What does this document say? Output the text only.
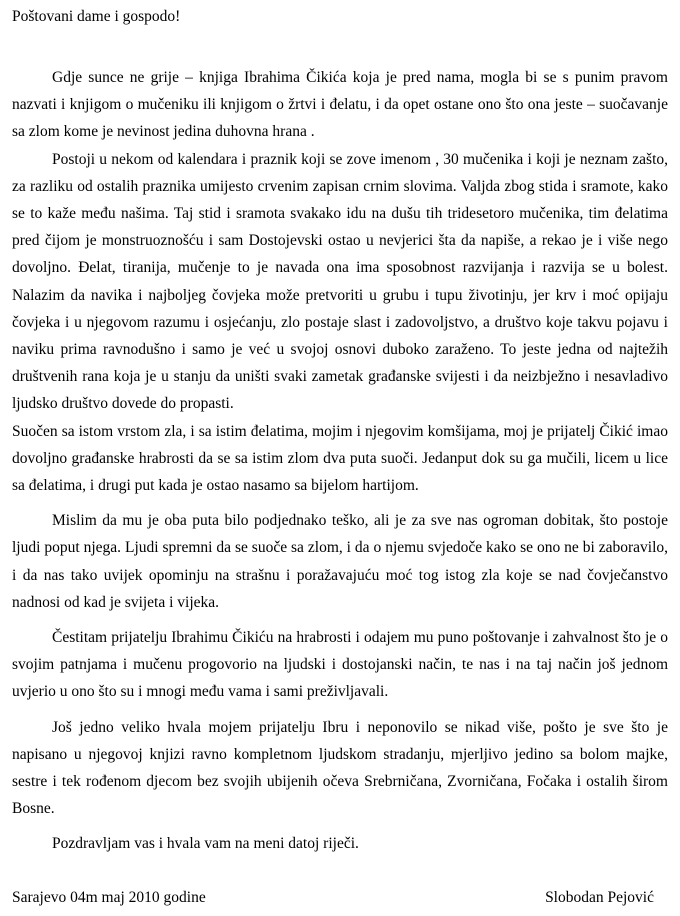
Poštovani dame i gospodo!

Gdje sunce ne grije – knjiga Ibrahima Čikića koja je pred nama, mogla bi se s punim pravom nazvati i knjigom o mučeniku ili knjigom o žrtvi i đelatu, i da opet ostane ono što ona jeste – suočavanje sa zlom kome je nevinost jedina duhovna hrana .

Postoji u nekom od kalendara i praznik koji se zove imenom , 30 mučenika i koji je neznam zašto, za razliku od ostalih praznika umijesto crvenim zapisan crnim slovima. Valjda zbog stida i sramote, kako se to kaže među našima. Taj stid i sramota svakako idu na dušu tih tridesetoro mučenika, tim đelatima pred čijom je monstruoznošću i sam Dostojevski ostao u nevjerici šta da napiše, a rekao je i više nego dovoljno. Đelat, tiranija, mučenje to je navada ona ima sposobnost razvijanja i razvija se u bolest. Nalazim da navika i najboljeg čovjeka može pretvoriti u grubu i tupu životinju, jer krv i moć opijaju čovjeka i u njegovom razumu i osjećanju, zlo postaje slast i zadovoljstvo, a društvo koje takvu pojavu i naviku prima ravnodušno i samo je već u svojoj osnovi duboko zaraženo. To jeste jedna od najtežih društvenih rana koja je u stanju da uništi svaki zametak građanske svijesti i da neizbježno i nesavladivo ljudsko društvo dovede do propasti.

Suočen sa istom vrstom zla, i sa istim đelatima, mojim i njegovim komšijama, moj je prijatelj Čikić imao dovoljno građanske hrabrosti da se sa istim zlom dva puta suoči. Jedanput dok su ga mučili, licem u lice sa đelatima, i drugi put kada je ostao nasamo sa bijelom hartijom.

Mislim da mu je oba puta bilo podjednako teško, ali je za sve nas ogroman dobitak, što postoje ljudi poput njega. Ljudi spremni da se suoče sa zlom, i da o njemu svjedoče kako se ono ne bi zaboravilo, i da nas tako uvijek opominju na strašnu i poražavajuću moć tog istog zla koje se nad čovječanstvo nadnosi od kad je svijeta i vijeka.

Čestitam prijatelju Ibrahimu Čikiću na hrabrosti i odajem mu puno poštovanje i zahvalnost što je o svojim patnjama i mučenu progovorio na ljudski i dostojanski način, te nas i na taj način još jednom uvjerio u ono što su i mnogi među vama i sami preživljavali.

Još jedno veliko hvala mojem prijatelju Ibru i neponovilo se nikad više, pošto je sve što je napisano u njegovoj knjizi ravno kompletnom ljudskom stradanju, mjerljivo jedino sa bolom majke, sestre i tek rođenom djecom bez svojih ubijenih očeva Srebrničana, Zvorničana, Fočaka i ostalih širom Bosne.

Pozdravljam vas i hvala vam na meni datoj riječi.

Sarajevo 04m maj 2010 godine	Slobodan Pejović
